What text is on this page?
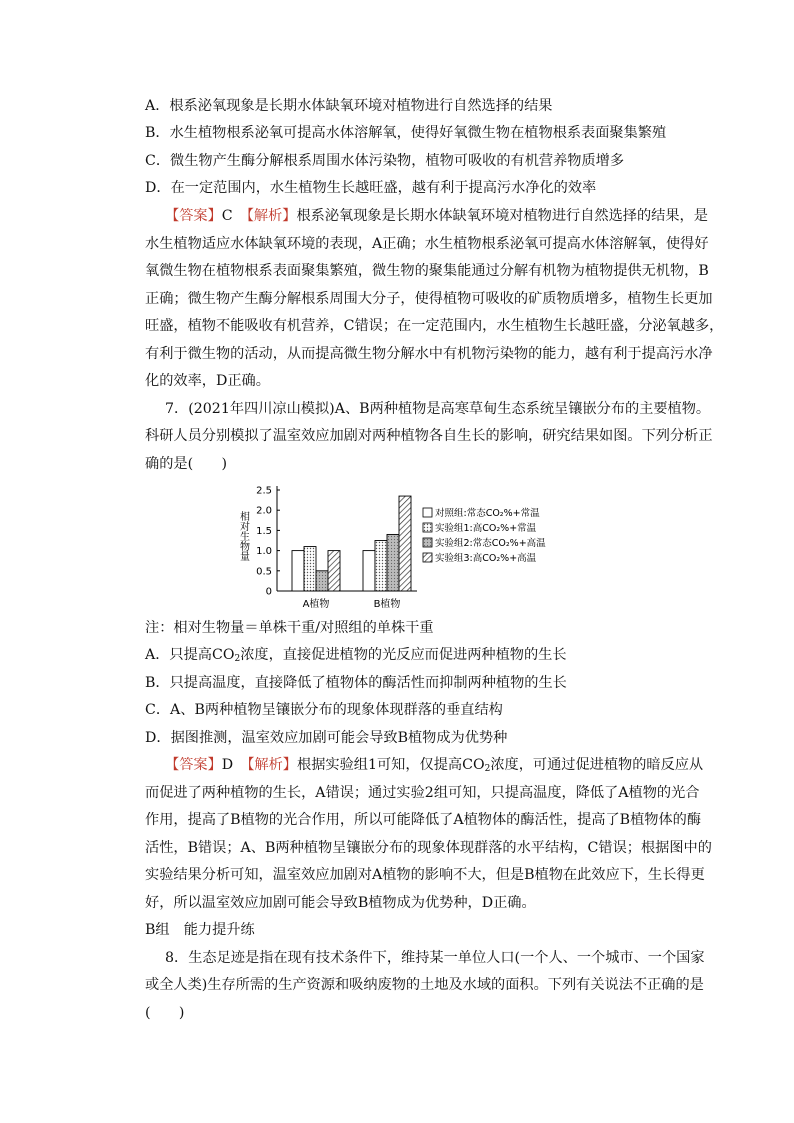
A．根系泌氧现象是长期水体缺氧环境对植物进行自然选择的结果
B．水生植物根系泌氧可提高水体溶解氧，使得好氧微生物在植物根系表面聚集繁殖
C．微生物产生酶分解根系周围水体污染物，植物可吸收的有机营养物质增多
D．在一定范围内，水生植物生长越旺盛，越有利于提高污水净化的效率
【答案】C　 【解析】根系泌氧现象是长期水体缺氧环境对植物进行自然选择的结果，是
水生植物适应水体缺氧环境的表现，A正确；水生植物根系泌氧可提高水体溶解氧，使得好
氧微生物在植物根系表面聚集繁殖，微生物的聚集能通过分解有机物为植物提供无机物，B
正确；微生物产生酶分解根系周围大分子，使得植物可吸收的矿质物质增多，植物生长更加
旺盛，植物不能吸收有机营养，C错误；在一定范围内，水生植物生长越旺盛，分泌氧越多，
有利于微生物的活动，从而提高微生物分解水中有机物污染物的能力，越有利于提高污水净
化的效率，D正确。
7．(2021年四川凉山模拟)A、B两种植物是高寒草甸生态系统呈镶嵌分布的主要植物。
科研人员分别模拟了温室效应加剧对两种植物各自生长的影响，研究结果如图。下列分析正
确的是(　　)
相对生物量
0
0.5
1.0
1.5
2.0
2.5
A植物	B植物
对照组:常态CO₂%+常温
实验组1:高CO₂%+常温
实验组2:常态CO₂%+高温
实验组3:高CO₂%+高温
注：相对生物量＝单株干重/对照组的单株干重
A．只提高$CO_2$浓度，直接促进植物的光反应而促进两种植物的生长
B．只提高温度，直接降低了植物体的酶活性而抑制两种植物的生长
C．A、B两种植物呈镶嵌分布的现象体现群落的垂直结构
D．据图推测，温室效应加剧可能会导致B植物成为优势种
【答案】D　 【解析】根据实验组1可知，仅提高$CO_2$浓度，可通过促进植物的暗反应从
而促进了两种植物的生长，A错误；通过实验2组可知，只提高温度，降低了A植物的光合
作用，提高了B植物的光合作用，所以可能降低了A植物体的酶活性，提高了B植物体的酶
活性，B错误；A、B两种植物呈镶嵌分布的现象体现群落的水平结构，C错误；根据图中的
实验结果分析可知，温室效应加剧对A植物的影响不大，但是B植物在此效应下，生长得更
好，所以温室效应加剧可能会导致B植物成为优势种，D正确。
B组　能力提升练
8．生态足迹是指在现有技术条件下，维持某一单位人口(一个人、一个城市、一个国家
或全人类)生存所需的生产资源和吸纳废物的土地及水域的面积。下列有关说法不正确的是
(　　)
